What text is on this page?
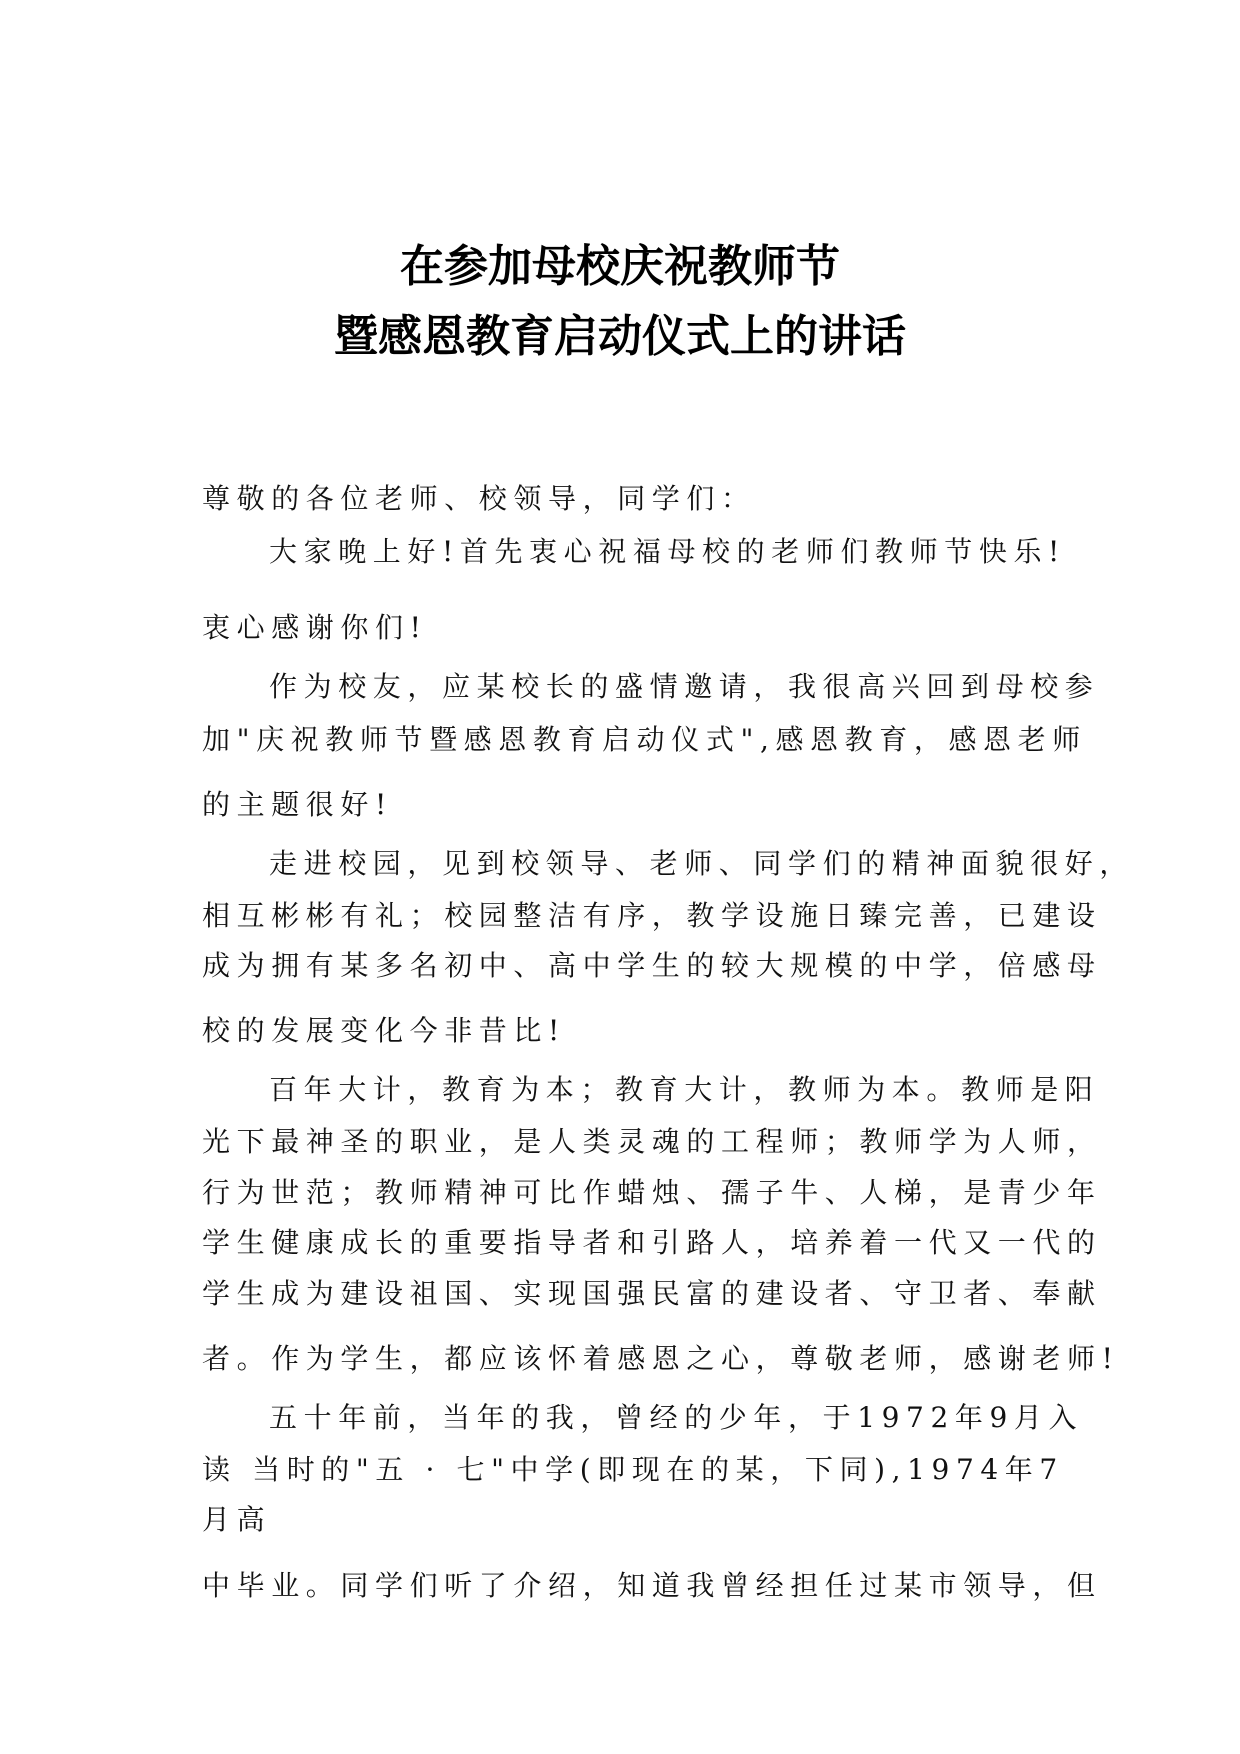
在参加母校庆祝教师节
暨感恩教育启动仪式上的讲话
尊敬的各位老师、校领导，同学们：
大家晚上好!首先衷心祝福母校的老师们教师节快乐!
衷心感谢你们!
作为校友，应某校长的盛情邀请，我很高兴回到母校参
加"庆祝教师节暨感恩教育启动仪式",感恩教育，感恩老师
的主题很好!
走进校园，见到校领导、老师、同学们的精神面貌很好，
相互彬彬有礼；校园整洁有序，教学设施日臻完善，已建设
成为拥有某多名初中、高中学生的较大规模的中学，倍感母
校的发展变化今非昔比!
百年大计，教育为本；教育大计，教师为本。教师是阳
光下最神圣的职业，是人类灵魂的工程师；教师学为人师，
行为世范；教师精神可比作蜡烛、孺子牛、人梯，是青少年
学生健康成长的重要指导者和引路人，培养着一代又一代的
学生成为建设祖国、实现国强民富的建设者、守卫者、奉献
者。作为学生，都应该怀着感恩之心，尊敬老师，感谢老师!
五十年前，当年的我，曾经的少年，于1972年9月入
读 当时的"五 · 七"中学(即现在的某，下同),1974年7
月高
中毕业。同学们听了介绍，知道我曾经担任过某市领导，但
